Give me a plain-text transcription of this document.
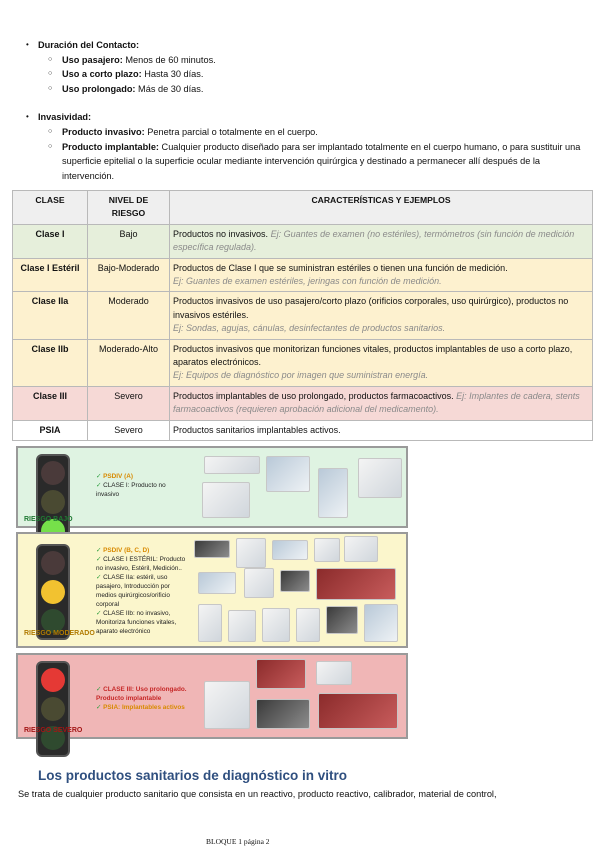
• Duración del Contacto:
○	Uso pasajero: Menos de 60 minutos.
○	Uso a corto plazo: Hasta 30 días.
○	Uso prolongado: Más de 30 días.
• Invasividad:
○	Producto invasivo: Penetra parcial o totalmente en el cuerpo.
○	Producto implantable: Cualquier producto diseñado para ser implantado totalmente en el cuerpo humano, o para sustituir una superficie epitelial o la superficie ocular mediante intervención quirúrgica y destinado a permanecer allí después de la intervención.
CLASE	NIVEL DE RIESGO	CARACTERÍSTICAS Y EJEMPLOS
Clase I	Bajo	Productos no invasivos. Ej: Guantes de examen (no estériles), termómetros (sin función de medición específica regulada).
Clase I Estéril	Bajo-Moderado	Productos de Clase I que se suministran estériles o tienen una función de medición.
Ej: Guantes de examen estériles, jeringas con función de medición.
Clase IIa	Moderado	Productos invasivos de uso pasajero/corto plazo (orificios corporales, uso quirúrgico), productos no invasivos estériles.
Ej: Sondas, agujas, cánulas, desinfectantes de productos sanitarios.
Clase IIb	Moderado-Alto	Productos invasivos que monitorizan funciones vitales, productos implantables de uso a corto plazo, aparatos electrónicos.
Ej: Equipos de diagnóstico por imagen que suministran energía.
Clase III	Severo	Productos implantables de uso prolongado, productos farmacoactivos. Ej: Implantes de cadera, stents farmacoactivos (requieren aprobación adicional del medicamento).
PSIA	Severo	Productos sanitarios implantables activos.
RIESGO BAJO
✓ PSDIV (A)
✓ CLASE I: Producto no invasivo
RIESGO MODERADO
✓ PSDIV (B, C, D)
✓ CLASE I ESTÉRIL: Producto no invasivo, Estéril, Medición..
✓ CLASE IIa: estéril, uso pasajero, Introducción por medios quirúrgicos/orificio corporal
✓ CLASE IIb: no invasivo, Monitoriza funciones vitales, aparato electrónico
RIESGO SEVERO
✓ CLASE III: Uso prolongado. Producto implantable
✓ PSIA: Implantables activos
Los productos sanitarios de diagnóstico in vitro
Se trata de cualquier producto sanitario que consista en un reactivo, producto reactivo, calibrador, material de control,
BLOQUE 1 página 2
